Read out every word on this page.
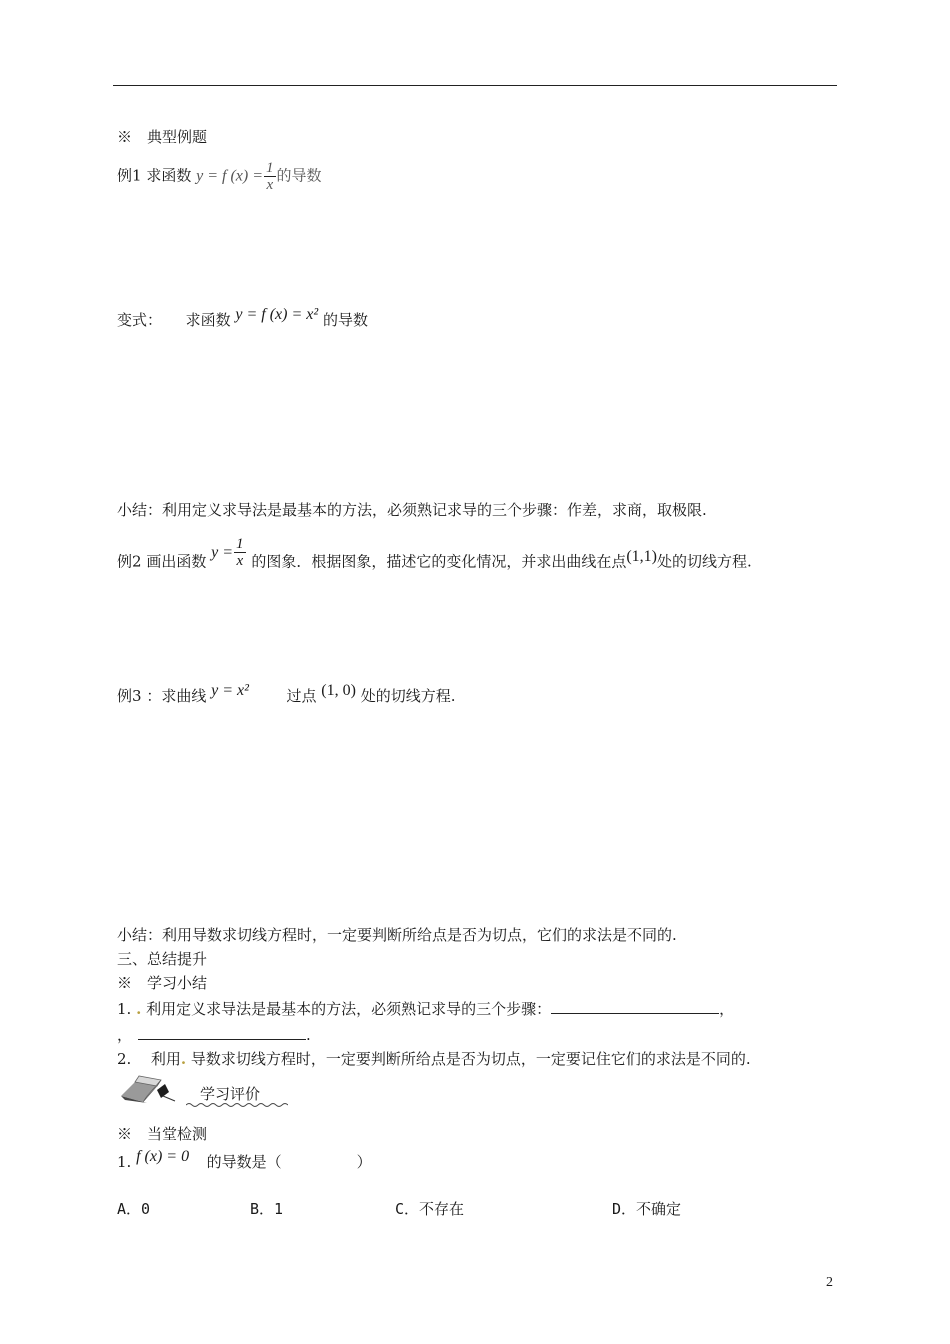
※　典型例题
例1 求函数 y = f $(x) = \frac{1}{x}$ 的导数
变式： 求函数 y = f (x) = x² 的导数
小结：利用定义求导法是最基本的方法，必须熟记求导的三个步骤：作差，求商，取极限.
例2 画出函数 $y = \frac{1}{x}$ 的图象．根据图象，描述它的变化情况，并求出曲线在点(1,1)处的切线方程.
例3 ：求曲线 y = x²	过点 (1, 0) 处的切线方程.
小结：利用导数求切线方程时，一定要判断所给点是否为切点，它们的求法是不同的.
三、总结提升
※　学习小结
1. . 利用定义求导法是最基本的方法，必须熟记求导的三个步骤：	，
，	.
2. 利用. 导数求切线方程时，一定要判断所给点是否为切点，一定要记住它们的求法是不同的.
学习评价
※　当堂检测
1. f (x) = 0 的导数是（　　　　　）
A．0	B．1	C．不存在	D．不确定
2
